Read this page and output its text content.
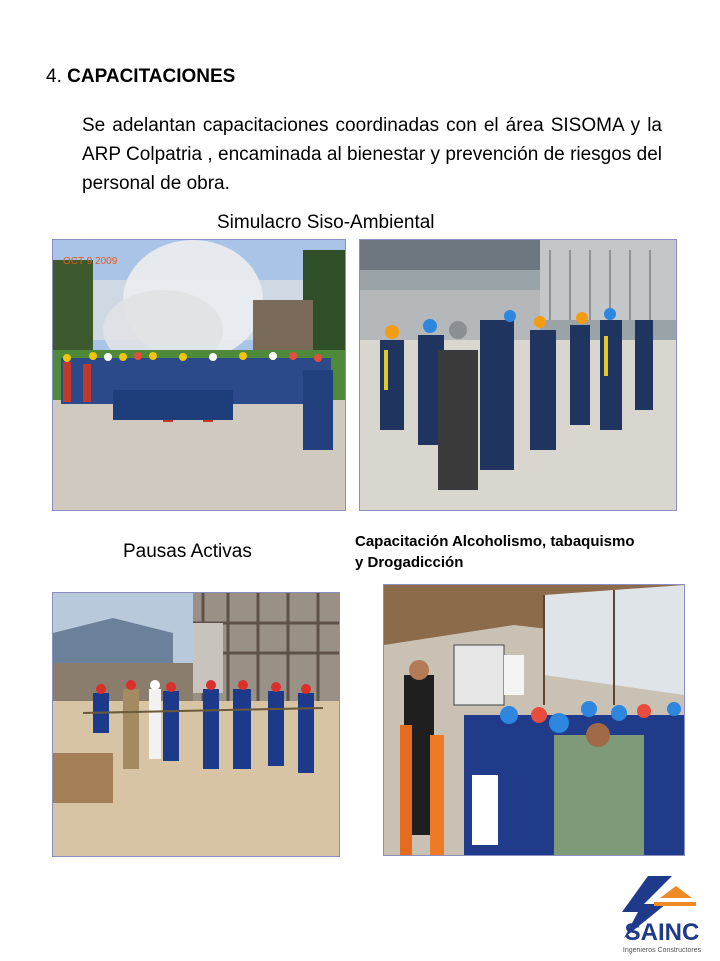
4. CAPACITACIONES
Se adelantan capacitaciones coordinadas con el área SISOMA y la ARP Colpatria , encaminada al bienestar y prevención de riesgos del personal de obra.
Simulacro Siso-Ambiental
OCT 9 2009
Pausas Activas	Capacitación Alcoholismo, tabaquismo
y Drogadicción
SAINC
Ingenieros Constructores
